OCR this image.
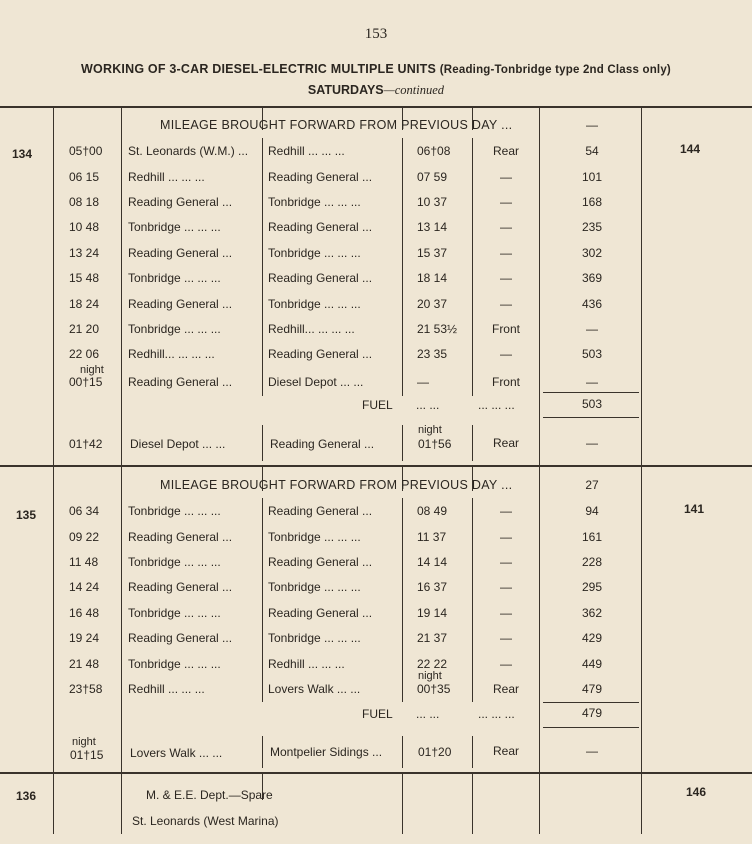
153
WORKING OF 3-CAR DIESEL-ELECTRIC MULTIPLE UNITS (Reading-Tonbridge type 2nd Class only)
SATURDAYS—continued
134	144
MILEAGE BROUGHT FORWARD FROM PREVIOUS DAY ...	—
05†00 St. Leonards (W.M.) ... Redhill ... ... ...	06†08	Rear	54
06 15 Redhill ... ... ...	Reading General ...	07 59	—	101
08 18 Reading General ...	Tonbridge ... ... ...	10 37	—	168
10 48 Tonbridge ... ... ...	Reading General ...	13 14	—	235
13 24 Reading General ...	Tonbridge ... ... ...	15 37	—	302
15 48 Tonbridge ... ... ...	Reading General ...	18 14	—	369
18 24 Reading General ...	Tonbridge ... ... ...	20 37	—	436
21 20 Tonbridge ... ... ...	Redhill... ... ... ...	21 53½	Front	—
22 06 Redhill... ... ... ...	Reading General ...	23 35	—	503
00†15 Reading General ...	Diesel Depot ... ...	—	Front	—
night
FUEL ... ...	... ... ...	503
night
01†42 Diesel Depot ... ...	Reading General ...	01†56	Rear	—
135	141
MILEAGE BROUGHT FORWARD FROM PREVIOUS DAY ...	27
06 34 Tonbridge ... ... ...	Reading General ...	08 49	—	94
09 22 Reading General ...	Tonbridge ... ... ...	11 37	—	161
11 48 Tonbridge ... ... ...	Reading General ...	14 14	—	228
14 24 Reading General ...	Tonbridge ... ... ...	16 37	—	295
16 48 Tonbridge ... ... ...	Reading General ...	19 14	—	362
19 24 Reading General ...	Tonbridge ... ... ...	21 37	—	429
21 48 Tonbridge ... ... ...	Redhill ... ... ...	22 22	—	449
23†58 Redhill ... ... ...	Lovers Walk ... ...	00†35	Rear	479
night
FUEL ... ...	... ... ...	479
night
01†15 Lovers Walk ... ...	Montpelier Sidings ...	01†20	Rear	—
136	146
M. & E.E. Dept.—Spare
St. Leonards (West Marina)
